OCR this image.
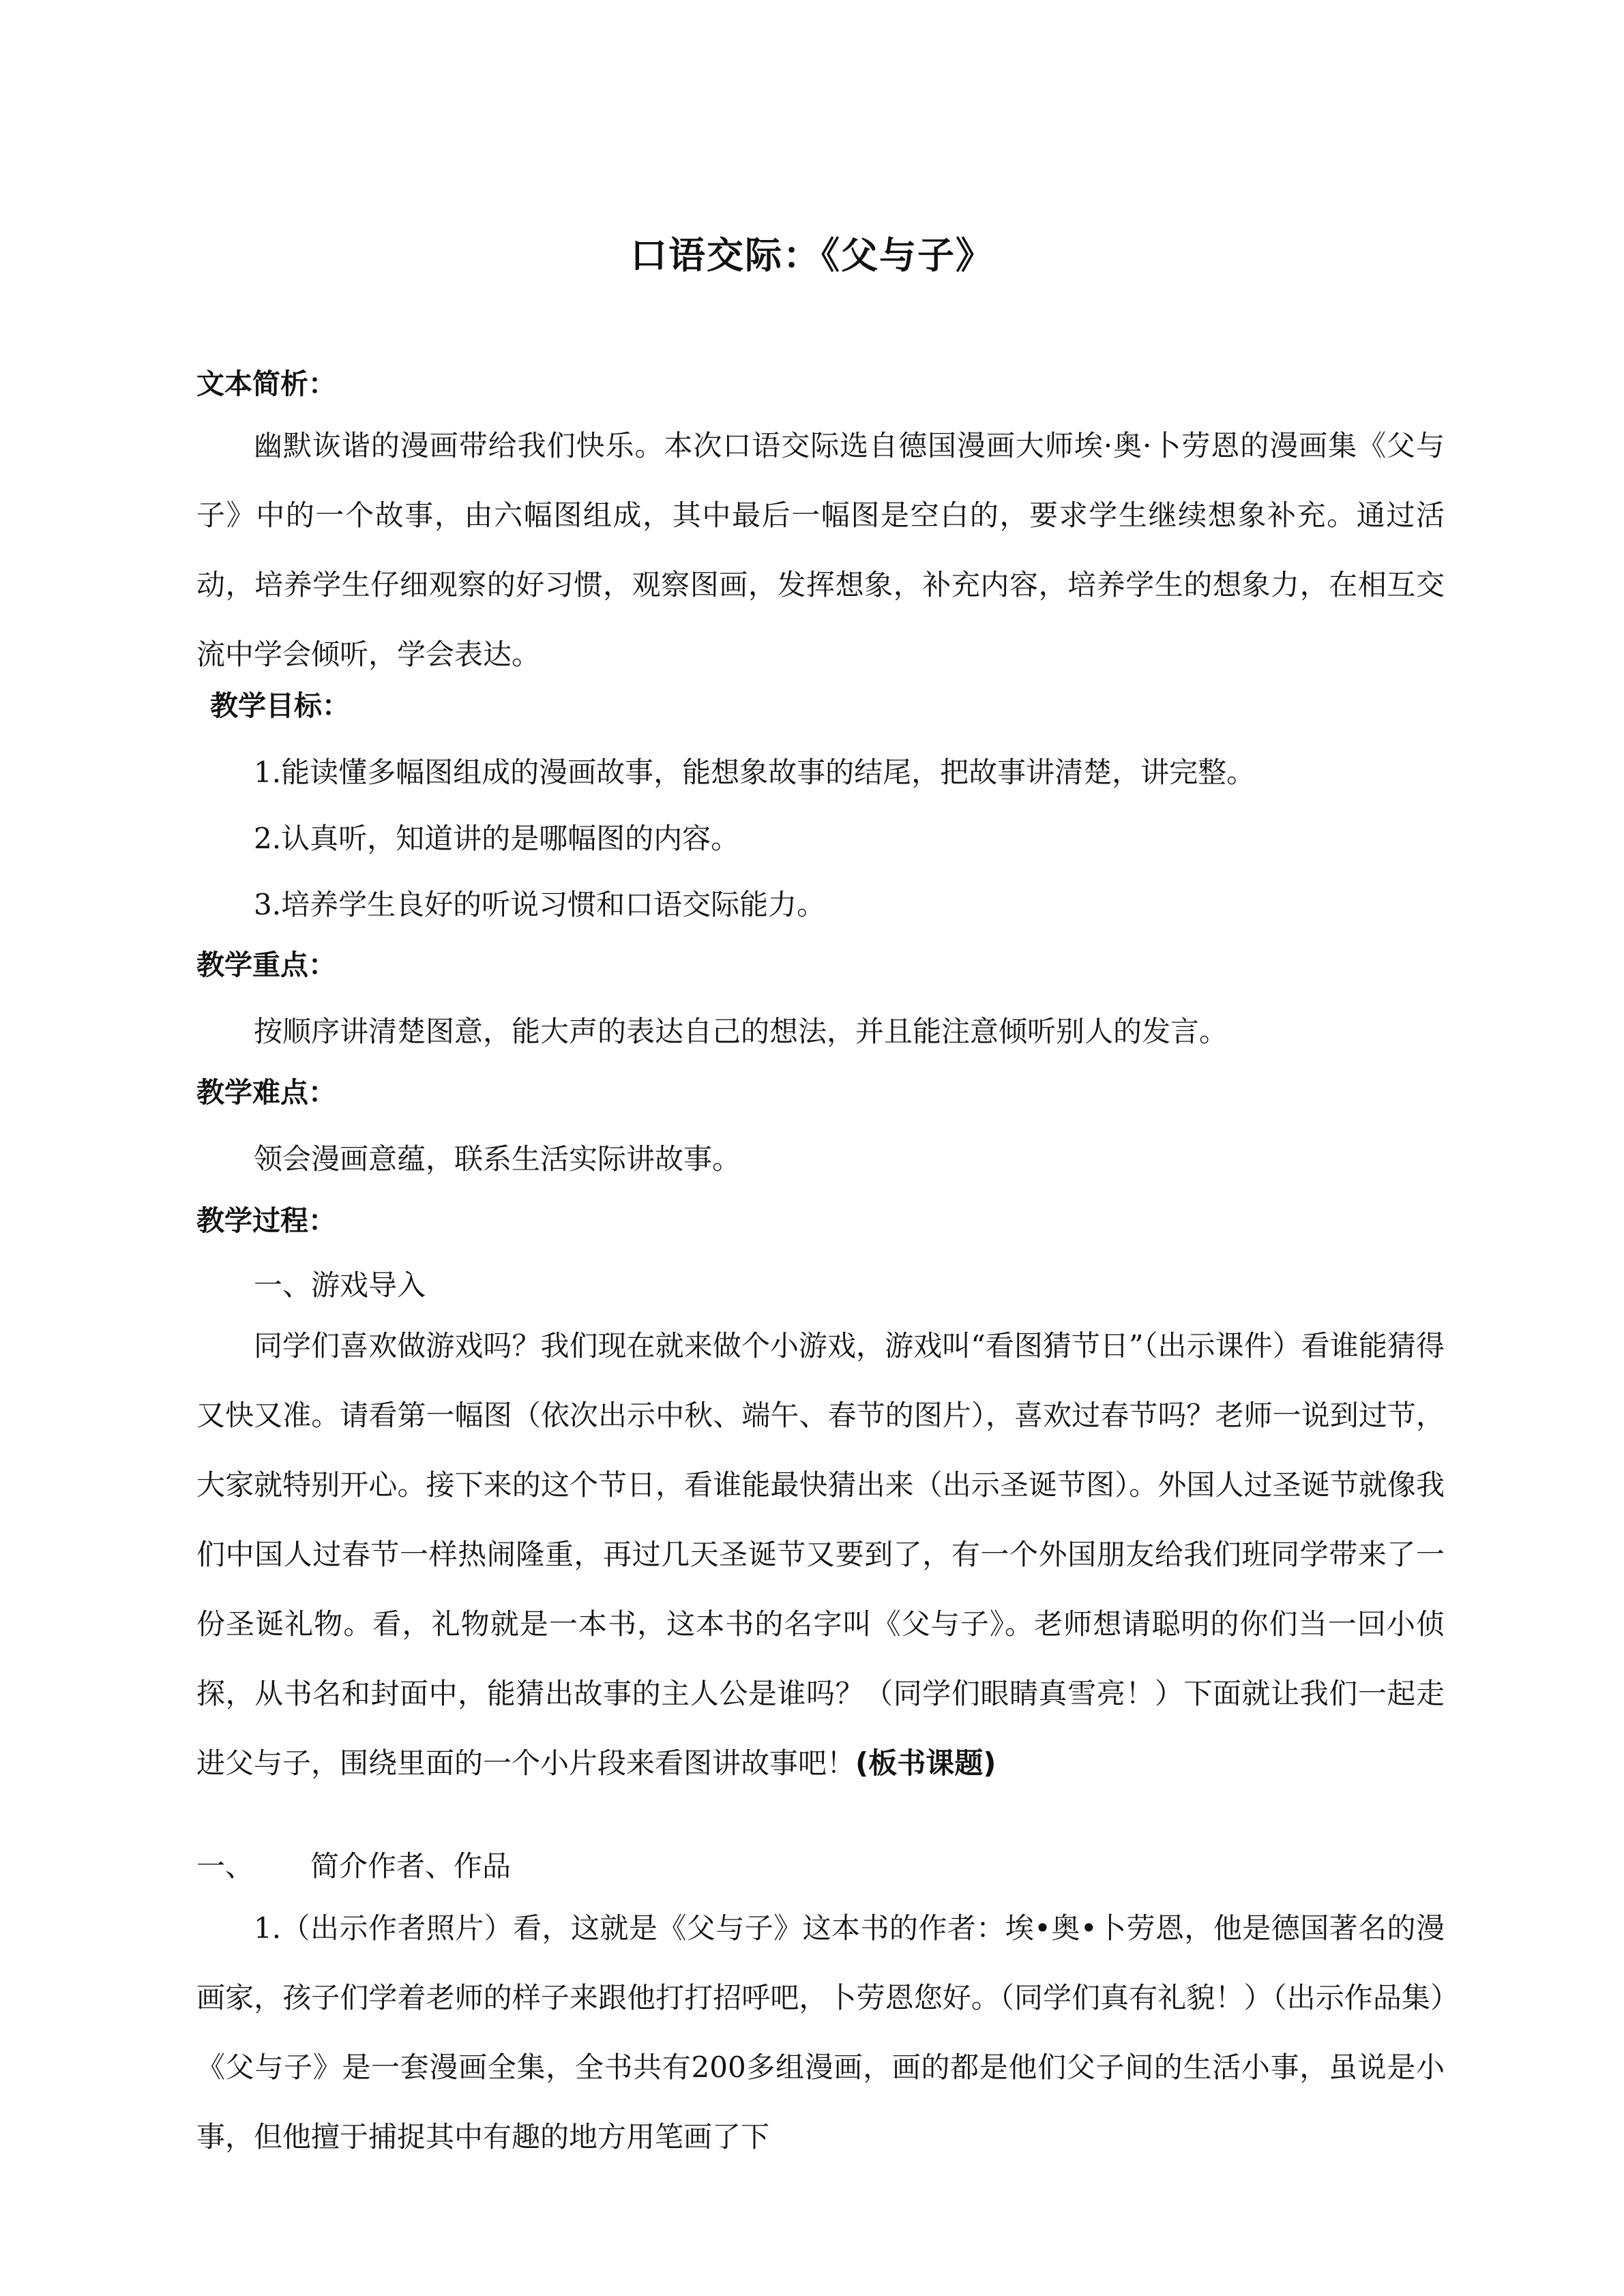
口语交际：《父与子》
文本简析：

幽默诙谐的漫画带给我们快乐。本次口语交际选自德国漫画大师埃·奥·卜劳恩的漫画集《父与子》中的一个故事，由六幅图组成，其中最后一幅图是空白的，要求学生继续想象补充。通过活动，培养学生仔细观察的好习惯，观察图画，发挥想象，补充内容，培养学生的想象力，在相互交流中学会倾听，学会表达。

教学目标：
1.能读懂多幅图组成的漫画故事，能想象故事的结尾，把故事讲清楚，讲完整。
2.认真听，知道讲的是哪幅图的内容。
3.培养学生良好的听说习惯和口语交际能力。
教学重点：
按顺序讲清楚图意，能大声的表达自己的想法，并且能注意倾听别人的发言。
教学难点：
领会漫画意蕴，联系生活实际讲故事。
教学过程：
一、游戏导入

同学们喜欢做游戏吗？我们现在就来做个小游戏，游戏叫“看图猜节日”（出示课件）看谁能猜得又快又准。请看第一幅图（依次出示中秋、端午、春节的图片），喜欢过春节吗？老师一说到过节，大家就特别开心。接下来的这个节日，看谁能最快猜出来（出示圣诞节图）。外国人过圣诞节就像我们中国人过春节一样热闹隆重，再过几天圣诞节又要到了，有一个外国朋友给我们班同学带来了一份圣诞礼物。看，礼物就是一本书，这本书的名字叫《父与子》。老师想请聪明的你们当一回小侦探，从书名和封面中，能猜出故事的主人公是谁吗？（同学们眼睛真雪亮！）下面就让我们一起走进父与子，围绕里面的一个小片段来看图讲故事吧！(板书课题)

一、 简介作者、作品

1.（出示作者照片）看，这就是《父与子》这本书的作者：埃•奥•卜劳恩，他是德国著名的漫画家，孩子们学着老师的样子来跟他打打招呼吧，卜劳恩您好。（同学们真有礼貌！）（出示作品集）《父与子》是一套漫画全集，全书共有200多组漫画，画的都是他们父子间的生活小事，虽说是小事，但他擅于捕捉其中有趣的地方用笔画了下
